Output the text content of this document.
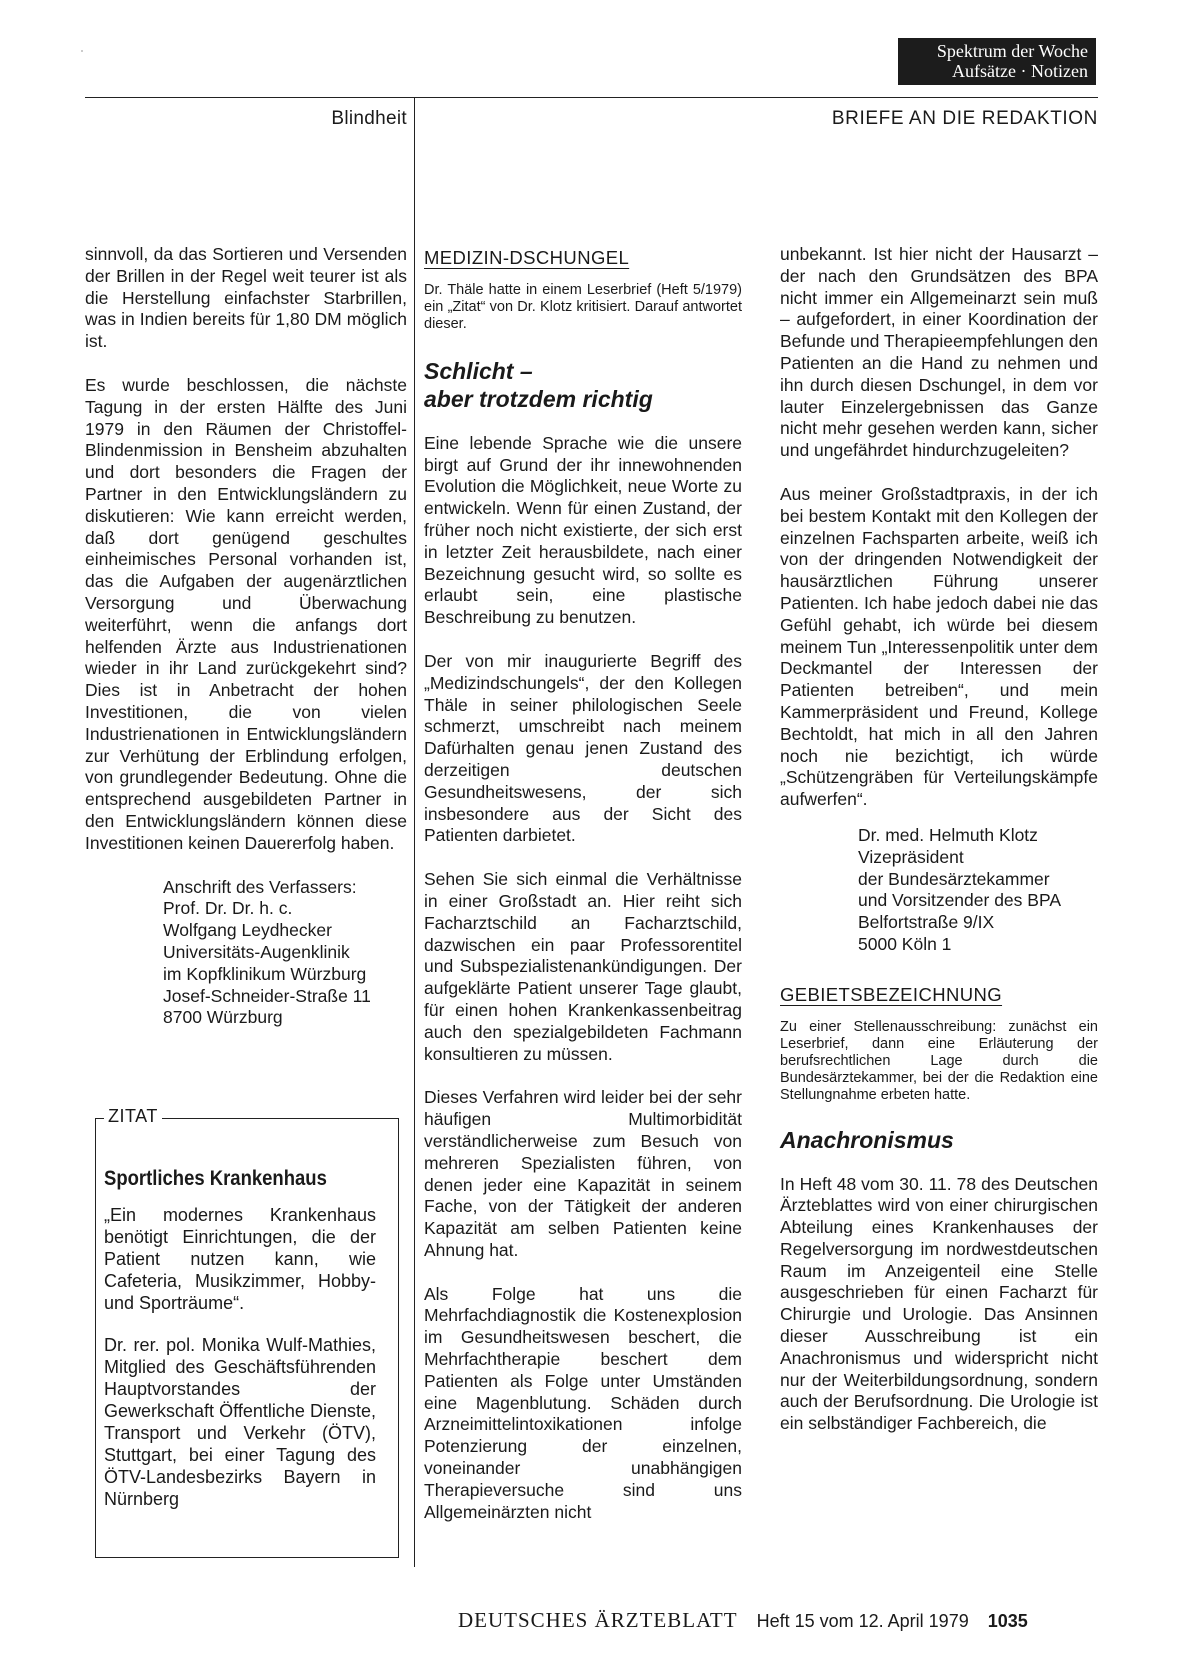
Spektrum der Woche
Aufsätze · Notizen
Blindheit	BRIEFE AN DIE REDAKTION

sinnvoll, da das Sortieren und Versenden der Brillen in der Regel weit teurer ist als die Herstellung einfachster Starbrillen, was in Indien bereits für 1,80 DM möglich ist.

Es wurde beschlossen, die nächste Tagung in der ersten Hälfte des Juni 1979 in den Räumen der Christoffel-Blindenmission in Bensheim abzuhalten und dort besonders die Fragen der Partner in den Entwicklungsländern zu diskutieren: Wie kann erreicht werden, daß dort genügend geschultes einheimisches Personal vorhanden ist, das die Aufgaben der augenärztlichen Versorgung und Überwachung weiterführt, wenn die anfangs dort helfenden Ärzte aus Industrienationen wieder in ihr Land zurückgekehrt sind? Dies ist in Anbetracht der hohen Investitionen, die von vielen Industrienationen in Entwicklungsländern zur Verhütung der Erblindung erfolgen, von grundlegender Bedeutung. Ohne die entsprechend ausgebildeten Partner in den Entwicklungsländern können diese Investitionen keinen Dauererfolg haben.

Anschrift des Verfassers:
Prof. Dr. Dr. h. c.
Wolfgang Leydhecker
Universitäts-Augenklinik
im Kopfklinikum Würzburg
Josef-Schneider-Straße 11
8700 Würzburg
ZITAT

Sportliches Krankenhaus

„Ein modernes Krankenhaus benötigt Einrichtungen, die der Patient nutzen kann, wie Cafeteria, Musikzimmer, Hobby- und Sporträume“.

Dr. rer. pol. Monika Wulf-Mathies, Mitglied des Geschäftsführenden Hauptvorstandes der Gewerkschaft Öffentliche Dienste, Transport und Verkehr (ÖTV), Stuttgart, bei einer Tagung des ÖTV-Landesbezirks Bayern in Nürnberg

MEDIZIN-DSCHUNGEL

Dr. Thäle hatte in einem Leserbrief (Heft 5/1979) ein „Zitat“ von Dr. Klotz kritisiert. Darauf antwortet dieser.

Schlicht –
aber trotzdem richtig

Eine lebende Sprache wie die unsere birgt auf Grund der ihr innewohnenden Evolution die Möglichkeit, neue Worte zu entwickeln. Wenn für einen Zustand, der früher noch nicht existierte, der sich erst in letzter Zeit herausbildete, nach einer Bezeichnung gesucht wird, so sollte es erlaubt sein, eine plastische Beschreibung zu benutzen.

Der von mir inaugurierte Begriff des „Medizindschungels“, der den Kollegen Thäle in seiner philologischen Seele schmerzt, umschreibt nach meinem Dafürhalten genau jenen Zustand des derzeitigen deutschen Gesundheitswesens, der sich insbesondere aus der Sicht des Patienten darbietet.

Sehen Sie sich einmal die Verhältnisse in einer Großstadt an. Hier reiht sich Facharztschild an Facharztschild, dazwischen ein paar Professorentitel und Subspezialistenankündigungen. Der aufgeklärte Patient unserer Tage glaubt, für einen hohen Krankenkassenbeitrag auch den spezialgebildeten Fachmann konsultieren zu müssen.

Dieses Verfahren wird leider bei der sehr häufigen Multimorbidität verständlicherweise zum Besuch von mehreren Spezialisten führen, von denen jeder eine Kapazität in seinem Fache, von der Tätigkeit der anderen Kapazität am selben Patienten keine Ahnung hat.

Als Folge hat uns die Mehrfachdiagnostik die Kostenexplosion im Gesundheitswesen beschert, die Mehrfachtherapie beschert dem Patienten als Folge unter Umständen eine Magenblutung. Schäden durch Arzneimittelintoxikationen infolge Potenzierung der einzelnen, voneinander unabhängigen Therapieversuche sind uns Allgemeinärzten nicht

unbekannt. Ist hier nicht der Hausarzt – der nach den Grundsätzen des BPA nicht immer ein Allgemeinarzt sein muß – aufgefordert, in einer Koordination der Befunde und Therapieempfehlungen den Patienten an die Hand zu nehmen und ihn durch diesen Dschungel, in dem vor lauter Einzelergebnissen das Ganze nicht mehr gesehen werden kann, sicher und ungefährdet hindurchzugeleiten?

Aus meiner Großstadtpraxis, in der ich bei bestem Kontakt mit den Kollegen der einzelnen Fachsparten arbeite, weiß ich von der dringenden Notwendigkeit der hausärztlichen Führung unserer Patienten. Ich habe jedoch dabei nie das Gefühl gehabt, ich würde bei diesem meinem Tun „Interessenpolitik unter dem Deckmantel der Interessen der Patienten betreiben“, und mein Kammerpräsident und Freund, Kollege Bechtoldt, hat mich in all den Jahren noch nie bezichtigt, ich würde „Schützengräben für Verteilungskämpfe aufwerfen“.

Dr. med. Helmuth Klotz
Vizepräsident
der Bundesärztekammer
und Vorsitzender des BPA
Belfortstraße 9/IX
5000 Köln 1
GEBIETSBEZEICHNUNG

Zu einer Stellenausschreibung: zunächst ein Leserbrief, dann eine Erläuterung der berufsrechtlichen Lage durch die Bundesärztekammer, bei der die Redaktion eine Stellungnahme erbeten hatte.

Anachronismus

In Heft 48 vom 30. 11. 78 des Deutschen Ärzteblattes wird von einer chirurgischen Abteilung eines Krankenhauses der Regelversorgung im nordwestdeutschen Raum im Anzeigenteil eine Stelle ausgeschrieben für einen Facharzt für Chirurgie und Urologie. Das Ansinnen dieser Ausschreibung ist ein Anachronismus und widerspricht nicht nur der Weiterbildungsordnung, sondern auch der Berufsordnung. Die Urologie ist ein selbständiger Fachbereich, die

DEUTSCHES ÄRZTEBLATT Heft 15 vom 12. April 1979 1035
